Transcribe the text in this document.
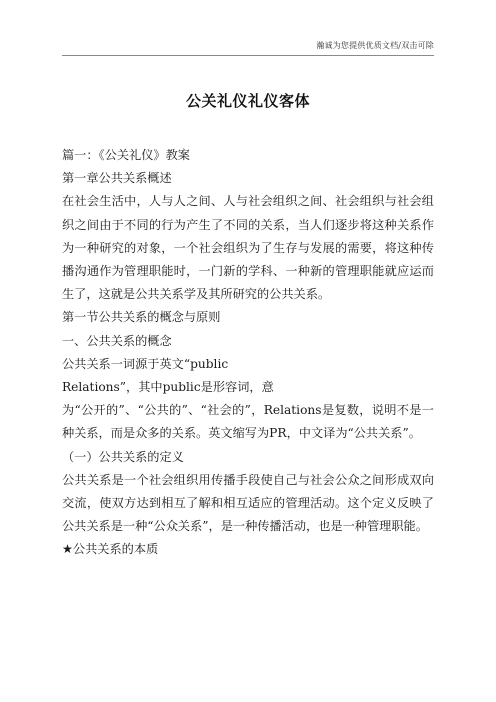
瀚诚为您提供优质文档/双击可除
公关礼仪礼仪客体

篇一：《公关礼仪》教案

第一章公共关系概述

在社会生活中，人与人之间、人与社会组织之间、社会组织与社会组织之间由于不同的行为产生了不同的关系，当人们逐步将这种关系作为一种研究的对象，一个社会组织为了生存与发展的需要，将这种传播沟通作为管理职能时，一门新的学科、一种新的管理职能就应运而生了，这就是公共关系学及其所研究的公共关系。

第一节公共关系的概念与原则

一、公共关系的概念

公共关系一词源于英文“public

Relations”，其中public是形容词，意

为“公开的”、“公共的”、“社会的”，Relations是复数，说明不是一种关系，而是众多的关系。英文缩写为PR，中文译为“公共关系”。

（一）公共关系的定义

公共关系是一个社会组织用传播手段使自己与社会公众之间形成双向交流，使双方达到相互了解和相互适应的管理活动。这个定义反映了公共关系是一种“公众关系”，是一种传播活动，也是一种管理职能。

★公共关系的本质
